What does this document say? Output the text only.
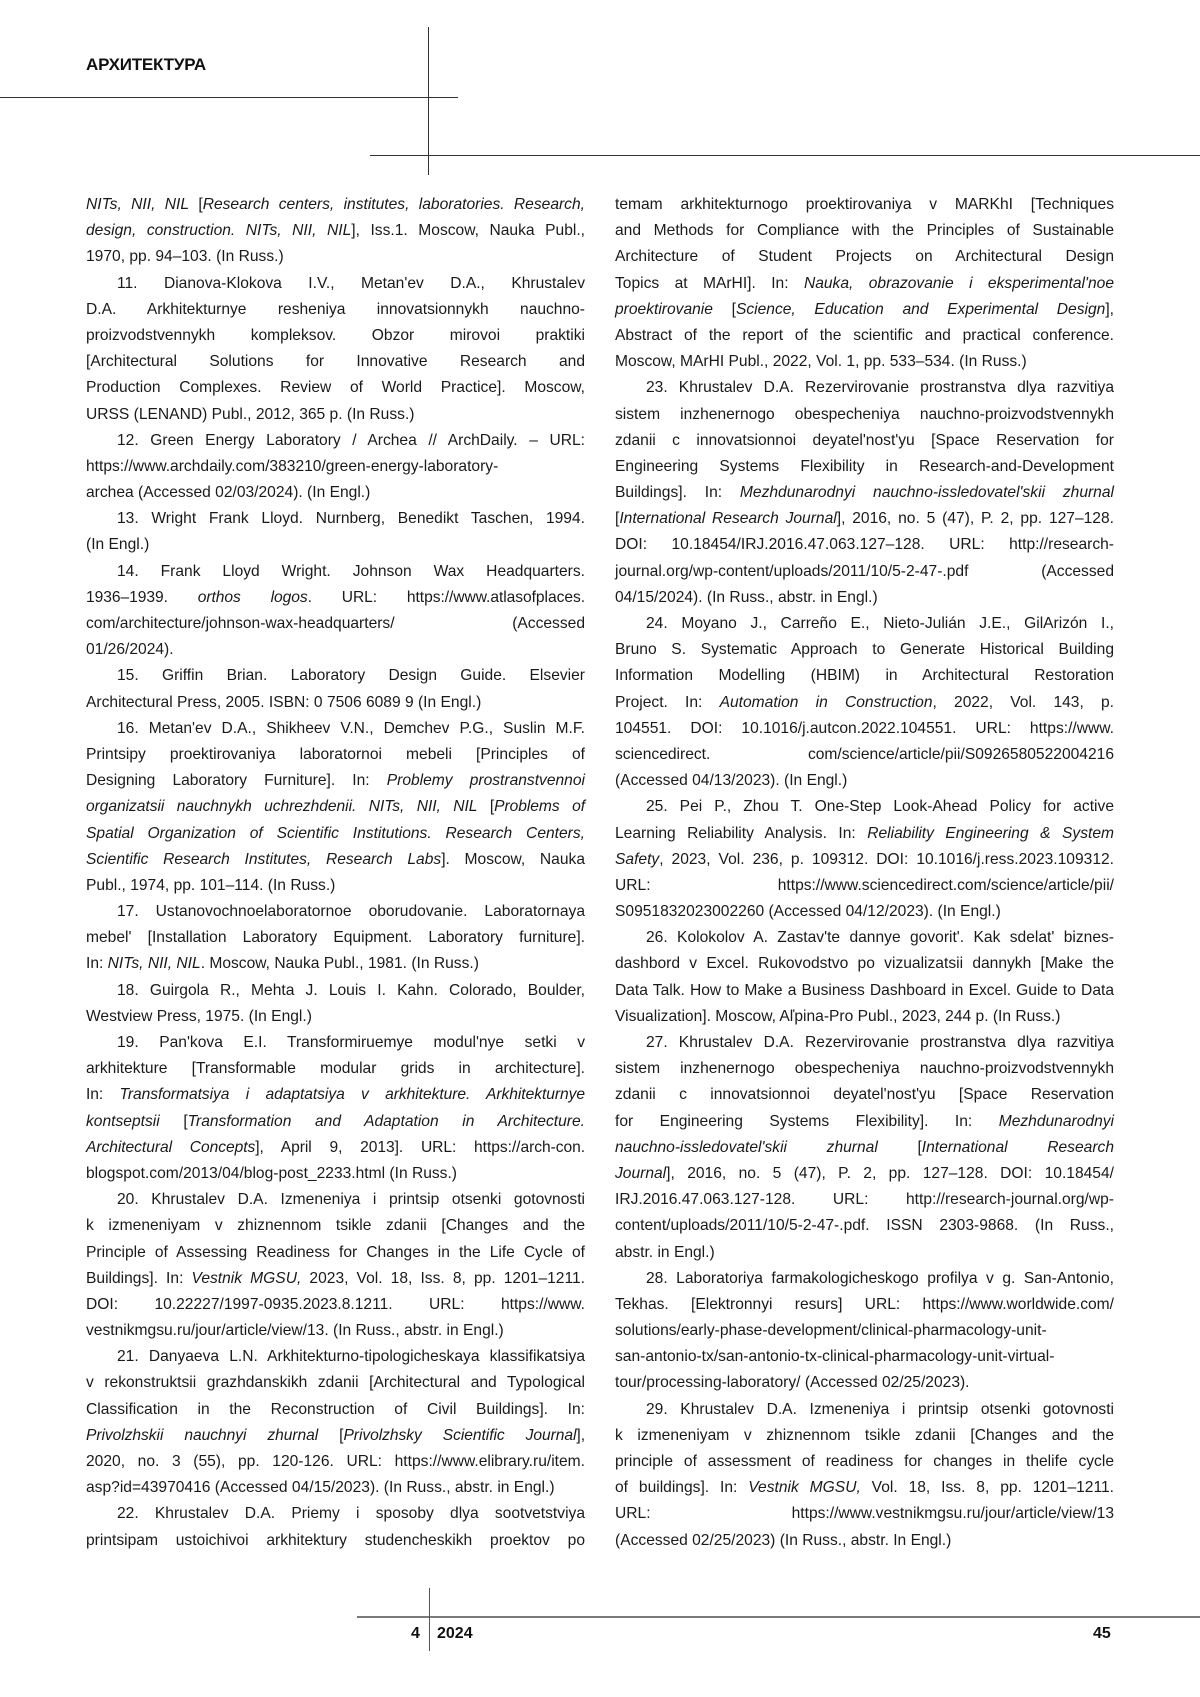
АРХИТЕКТУРА
NITs, NII, NIL [Research centers, institutes, laboratories. Research,
design, construction. NITs, NII, NIL], Iss.1. Moscow, Nauka Publ.,
1970, pp. 94–103. (In Russ.)
11. Dianova-Klokova I.V., Metan'ev D.A., Khrustalev
D.A. Arkhitekturnye resheniya innovatsionnykh nauchno-
proizvodstvennykh kompleksov. Obzor mirovoi praktiki
[Architectural Solutions for Innovative Research and
Production Complexes. Review of World Practice]. Moscow,
URSS (LENAND) Publ., 2012, 365 p. (In Russ.)
12. Green Energy Laboratory / Archea // ArchDaily. – URL:
https://www.archdaily.com/383210/green-energy-laboratory-
archea (Accessed 02/03/2024). (In Engl.)
13. Wright Frank Lloyd. Nurnberg, Benedikt Taschen, 1994.
(In Engl.)
14. Frank Lloyd Wright. Johnson Wax Headquarters.
1936–1939. orthos logos. URL: https://www.atlasofplaces.
com/architecture/johnson-wax-headquarters/ (Accessed
01/26/2024).
15. Griffin Brian. Laboratory Design Guide. Elsevier
Architectural Press, 2005. ISBN: 0 7506 6089 9 (In Engl.)
16. Metan'ev D.A., Shikheev V.N., Demchev P.G., Suslin M.F.
Printsipy proektirovaniya laboratornoi mebeli [Principles of
Designing Laboratory Furniture]. In: Problemy prostranstvennoi
organizatsii nauchnykh uchrezhdenii. NITs, NII, NIL [Problems of
Spatial Organization of Scientific Institutions. Research Centers,
Scientific Research Institutes, Research Labs]. Moscow, Nauka
Publ., 1974, pp. 101–114. (In Russ.)
17. Ustanovochnoelaboratornoe oborudovanie. Laboratornaya
mebel' [Installation Laboratory Equipment. Laboratory furniture].
In: NITs, NII, NIL. Moscow, Nauka Publ., 1981. (In Russ.)
18. Guirgola R., Mehta J. Louis I. Kahn. Colorado, Boulder,
Westview Press, 1975. (In Engl.)
19. Pan'kova E.I. Transformiruemye modul'nye setki v
arkhitekture [Transformable modular grids in architecture].
In: Transformatsiya i adaptatsiya v arkhitekture. Arkhitekturnye
kontseptsii [Transformation and Adaptation in Architecture.
Architectural Concepts], April 9, 2013]. URL: https://arch-con.
blogspot.com/2013/04/blog-post_2233.html (In Russ.)
20. Khrustalev D.A. Izmeneniya i printsip otsenki gotovnosti
k izmeneniyam v zhiznennom tsikle zdanii [Changes and the
Principle of Assessing Readiness for Changes in the Life Cycle of
Buildings]. In: Vestnik MGSU, 2023, Vol. 18, Iss. 8, pp. 1201–1211.
DOI: 10.22227/1997-0935.2023.8.1211. URL: https://www.
vestnikmgsu.ru/jour/article/view/13. (In Russ., abstr. in Engl.)
21. Danyaeva L.N. Arkhitekturno-tipologicheskaya klassifikatsiya
v rekonstruktsii grazhdanskikh zdanii [Architectural and Typological
Classification in the Reconstruction of Civil Buildings]. In:
Privolzhskii nauchnyi zhurnal [Privolzhsky Scientific Journal],
2020, no. 3 (55), pp. 120-126. URL: https://www.elibrary.ru/item.
asp?id=43970416 (Accessed 04/15/2023). (In Russ., abstr. in Engl.)
22. Khrustalev D.A. Priemy i sposoby dlya sootvetstviya
printsipam ustoichivoi arkhitektury studencheskikh proektov po
temam arkhitekturnogo proektirovaniya v MARKhI [Techniques
and Methods for Compliance with the Principles of Sustainable
Architecture of Student Projects on Architectural Design
Topics at MArHI]. In: Nauka, obrazovanie i eksperimental'noe
proektirovanie [Science, Education and Experimental Design],
Abstract of the report of the scientific and practical conference.
Moscow, MArHI Publ., 2022, Vol. 1, pp. 533–534. (In Russ.)
23. Khrustalev D.A. Rezervirovanie prostranstva dlya razvitiya
sistem inzhenernogo obespecheniya nauchno-proizvodstvennykh
zdanii c innovatsionnoi deyatel'nost'yu [Space Reservation for
Engineering Systems Flexibility in Research-and-Development
Buildings]. In: Mezhdunarodnyi nauchno-issledovatel'skii zhurnal
[International Research Journal], 2016, no. 5 (47), P. 2, pp. 127–128.
DOI: 10.18454/IRJ.2016.47.063.127–128. URL: http://research-
journal.org/wp-content/uploads/2011/10/5-2-47-.pdf (Accessed
04/15/2024). (In Russ., abstr. in Engl.)
24. Moyano J., Carreño E., Nieto-Julián J.E., GilArizón I.,
Bruno S. Systematic Approach to Generate Historical Building
Information Modelling (HBIM) in Architectural Restoration
Project. In: Automation in Construction, 2022, Vol. 143, p.
104551. DOI: 10.1016/j.autcon.2022.104551. URL: https://www.
sciencedirect. com/science/article/pii/S0926580522004216
(Accessed 04/13/2023). (In Engl.)
25. Pei P., Zhou T. One-Step Look-Ahead Policy for active
Learning Reliability Analysis. In: Reliability Engineering & System
Safety, 2023, Vol. 236, p. 109312. DOI: 10.1016/j.ress.2023.109312.
URL: https://www.sciencedirect.com/science/article/pii/
S0951832023002260 (Accessed 04/12/2023). (In Engl.)
26. Kolokolov A. Zastav'te dannye govorit'. Kak sdelat' biznes-
dashbord v Excel. Rukovodstvo po vizualizatsii dannykh [Make the
Data Talk. How to Make a Business Dashboard in Excel. Guide to Data
Visualization]. Moscow, Aľpina-Pro Publ., 2023, 244 p. (In Russ.)
27. Khrustalev D.A. Rezervirovanie prostranstva dlya razvitiya
sistem inzhenernogo obespecheniya nauchno-proizvodstvennykh
zdanii c innovatsionnoi deyatel'nost'yu [Space Reservation
for Engineering Systems Flexibility]. In: Mezhdunarodnyi
nauchno-issledovatel'skii zhurnal [International Research
Journal], 2016, no. 5 (47), P. 2, pp. 127–128. DOI: 10.18454/
IRJ.2016.47.063.127-128. URL: http://research-journal.org/wp-
content/uploads/2011/10/5-2-47-.pdf. ISSN 2303-9868. (In Russ.,
abstr. in Engl.)
28. Laboratoriya farmakologicheskogo profilya v g. San-Antonio,
Tekhas. [Elektronnyi resurs] URL: https://www.worldwide.com/
solutions/early-phase-development/clinical-pharmacology-unit-
san-antonio-tx/san-antonio-tx-clinical-pharmacology-unit-virtual-
tour/processing-laboratory/ (Accessed 02/25/2023).
29. Khrustalev D.A. Izmeneniya i printsip otsenki gotovnosti
k izmeneniyam v zhiznennom tsikle zdanii [Changes and the
principle of assessment of readiness for changes in thelife cycle
of buildings]. In: Vestnik MGSU, Vol. 18, Iss. 8, pp. 1201–1211.
URL: https://www.vestnikmgsu.ru/jour/article/view/13
(Accessed 02/25/2023) (In Russ., abstr. In Engl.)
4 2024	45
